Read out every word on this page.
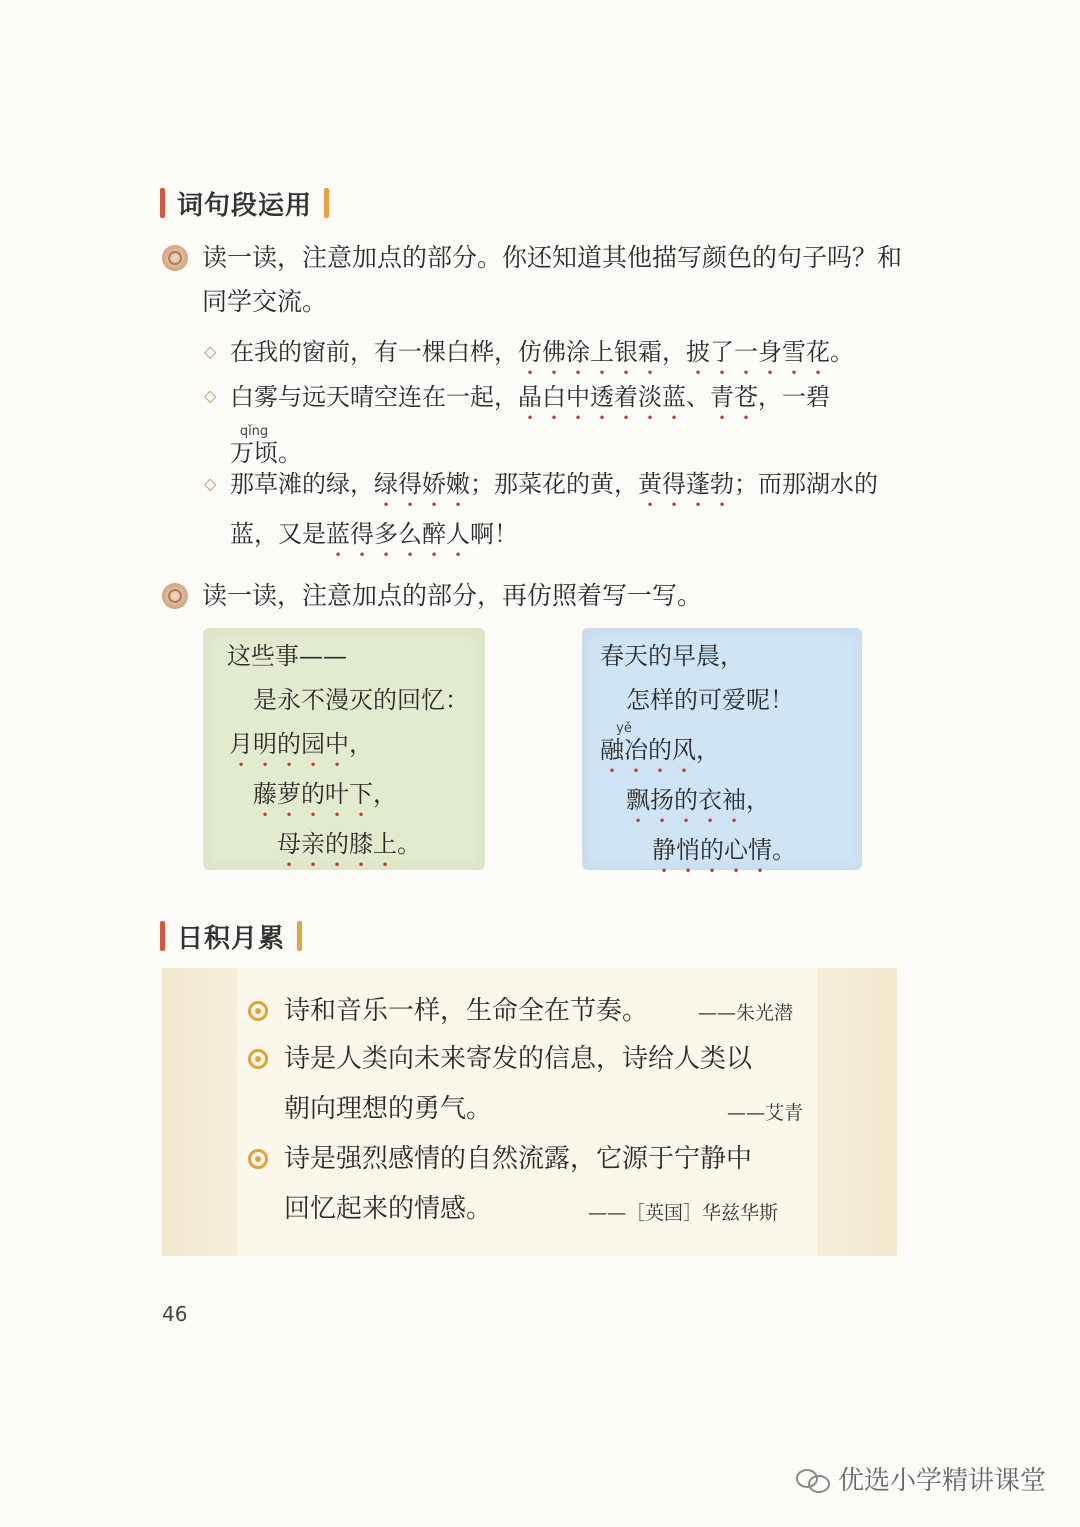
词句段运用
读一读，注意加点的部分。你还知道其他描写颜色的句子吗？和同学交流。
◇ 在我的窗前，有一棵白桦，仿佛涂上银霜，披了一身雪花。
◇ 白雾与远天晴空连在一起，晶白中透着淡蓝、青苍，一碧万顷qǐng。
◇ 那草滩的绿，绿得娇嫩；那菜花的黄，黄得蓬勃；而那湖水的蓝，又是蓝得多么醉人啊！
读一读，注意加点的部分，再仿照着写一写。
这些事——
是永不漫灭的回忆：
月明的园中，
藤萝的叶下，
母亲的膝上。
春天的早晨，
怎样的可爱呢！
融冶yě的风，
飘扬的衣袖，
静悄的心情。
日积月累
诗和音乐一样，生命全在节奏。	——朱光潜
诗是人类向未来寄发的信息，诗给人类以
朝向理想的勇气。	——艾青
诗是强烈感情的自然流露，它源于宁静中
回忆起来的情感。	——［英国］华兹华斯
46
优选小学精讲课堂
